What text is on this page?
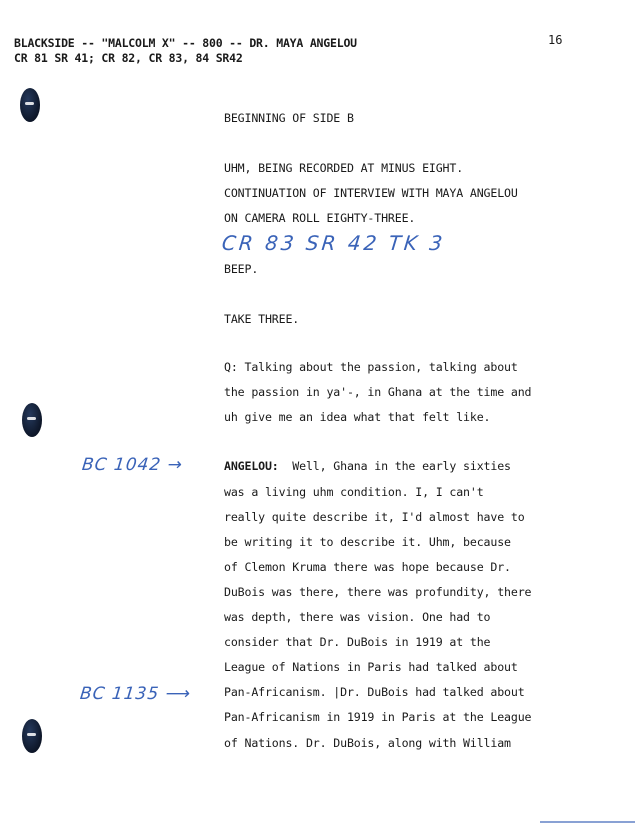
BLACKSIDE -- "MALCOLM X" -- 800 -- DR. MAYA ANGELOU
CR 81 SR 41; CR 82, CR 83, 84 SR42
16
BEGINNING OF SIDE B
UHM, BEING RECORDED AT MINUS EIGHT.
CONTINUATION OF INTERVIEW WITH MAYA ANGELOU
ON CAMERA ROLL EIGHTY-THREE.
CR 83 SR 42 TK 3
BEEP.
TAKE THREE.
Q: Talking about the passion, talking about
the passion in ya'-, in Ghana at the time and
uh give me an idea what that felt like.
BC 1042 →	ANGELOU:  Well, Ghana in the early sixties
was a living uhm condition. I, I can't
really quite describe it, I'd almost have to
be writing it to describe it. Uhm, because
of Clemon Kruma there was hope because Dr.
DuBois was there, there was profundity, there
was depth, there was vision. One had to
consider that Dr. DuBois in 1919 at the
League of Nations in Paris had talked about
BC 1135 ⟶	Pan-Africanism. |Dr. DuBois had talked about
Pan-Africanism in 1919 in Paris at the League
of Nations. Dr. DuBois, along with William
